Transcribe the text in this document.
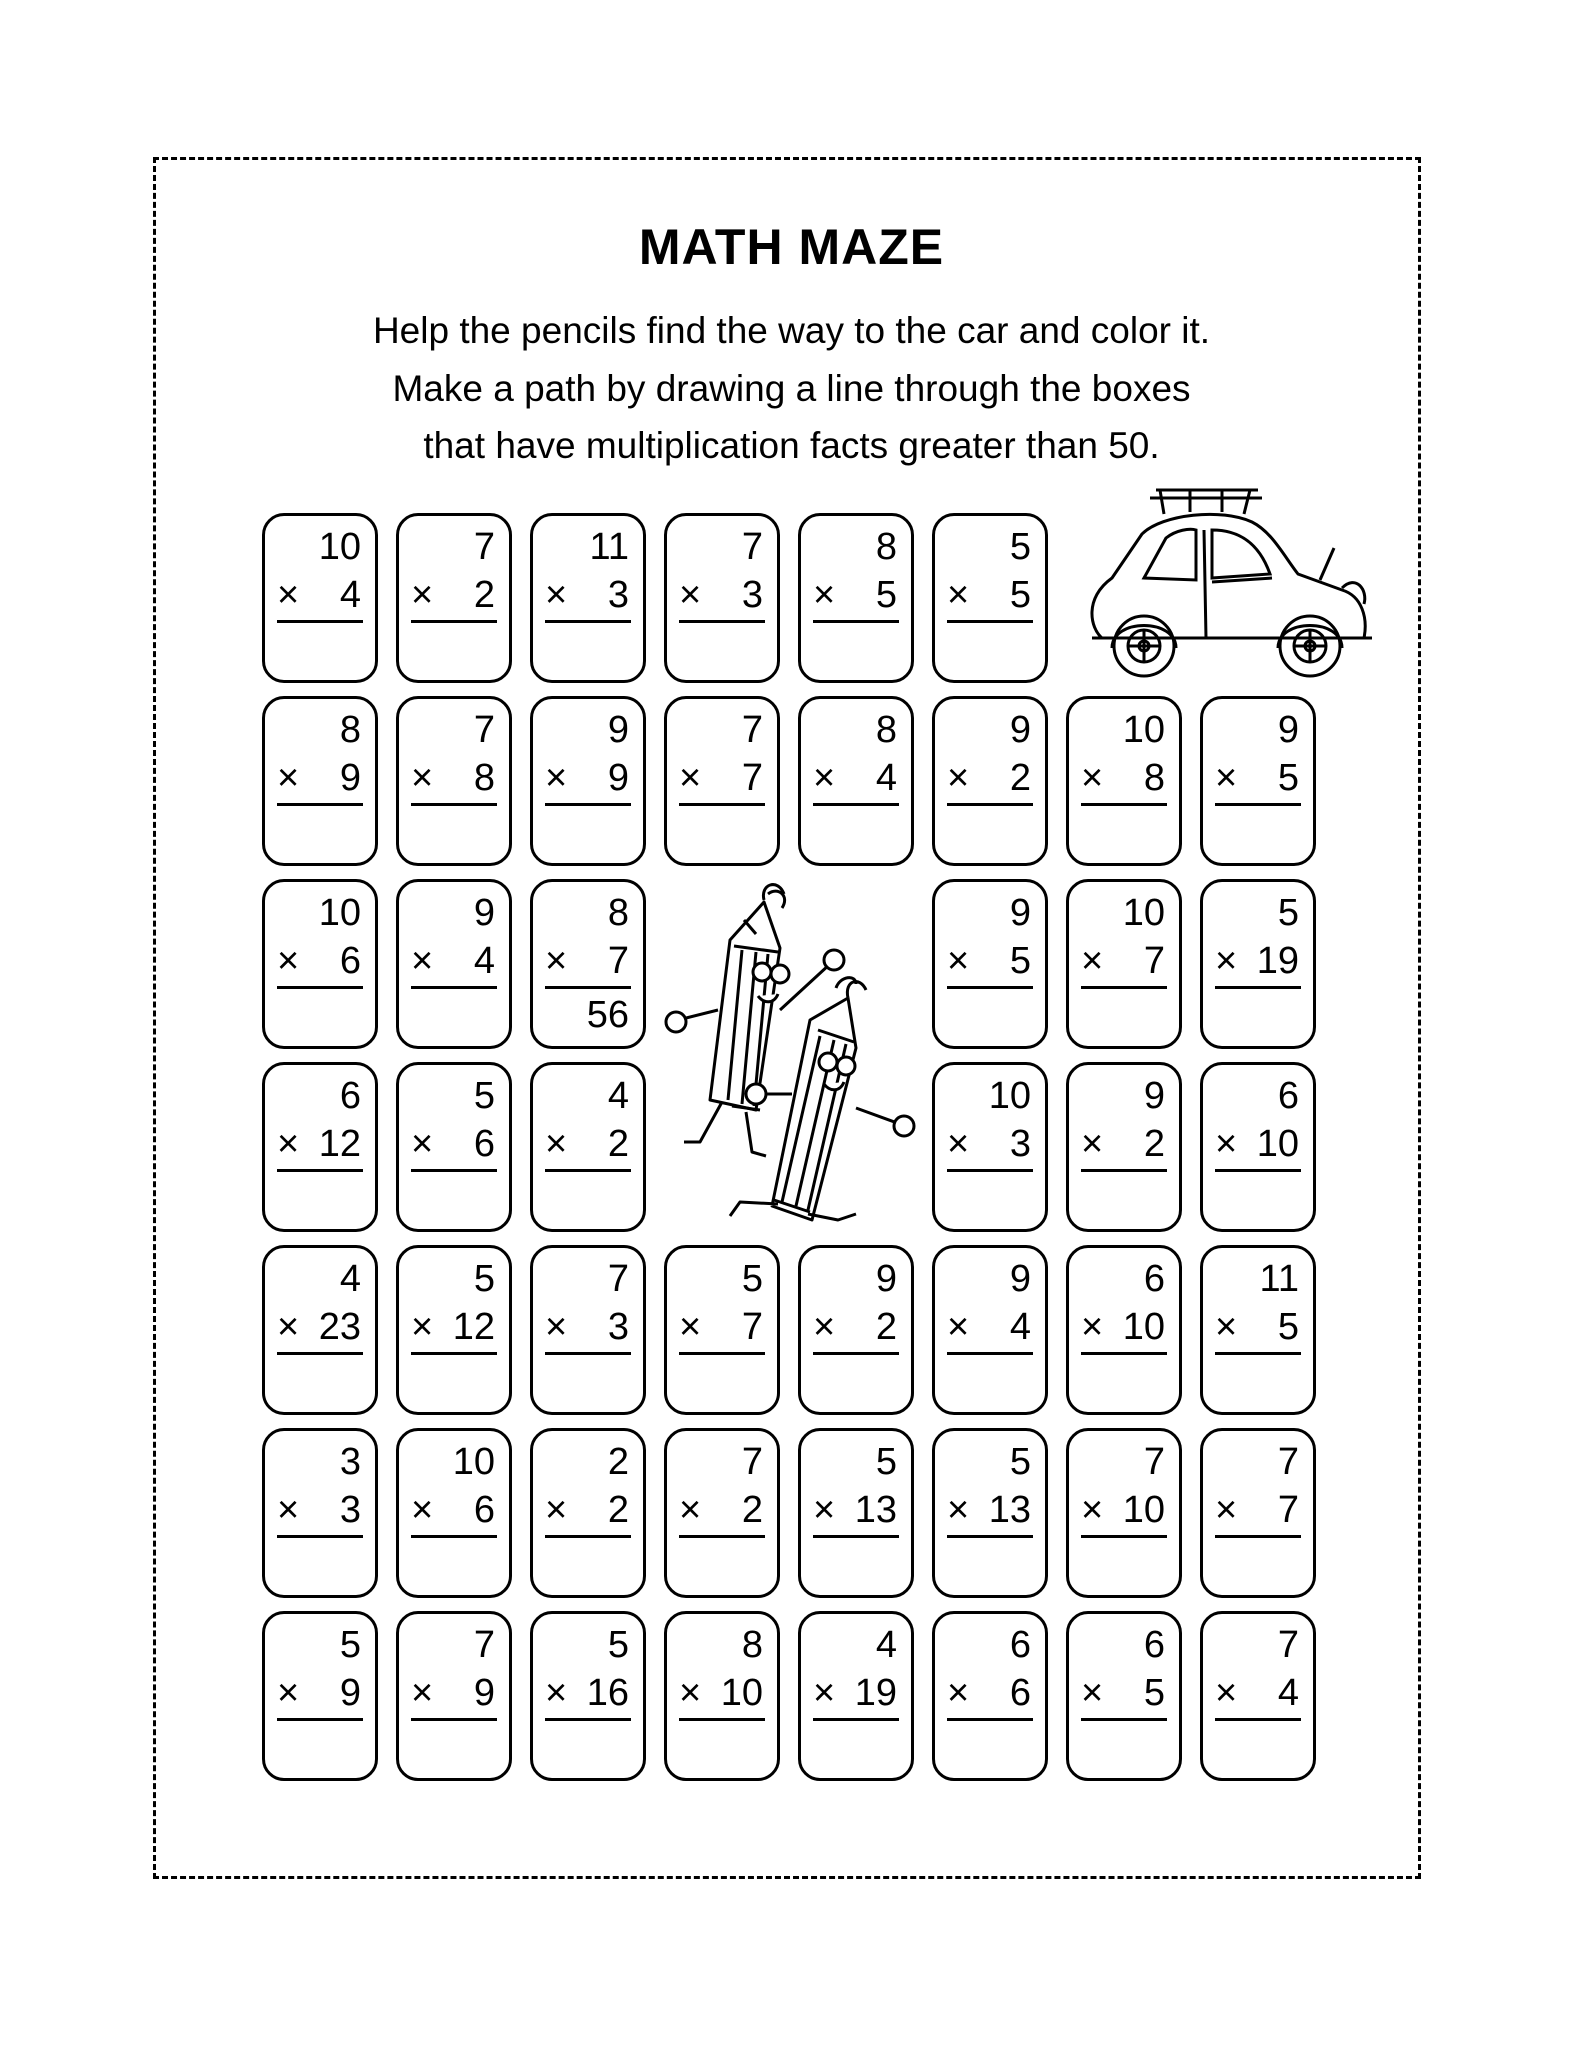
MATH MAZE
Help the pencils find the way to the car and color it.
Make a path by drawing a line through the boxes
that have multiplication facts greater than 50.
10
× 4
7
× 2
11
× 3
7
× 3
8
× 5
5
× 5
8
× 9
7
× 8
9
× 9
7
× 7
8
× 4
9
× 2
10
× 8
9
× 5
10
× 6
9
× 4
8
× 7
56
9
× 5
10
× 7
5
× 19
6
× 12
5
× 6
4
× 2
10
× 3
9
× 2
6
× 10
4
× 23
5
× 12
7
× 3
5
× 7
9
× 2
9
× 4
6
× 10
11
× 5
3
× 3
10
× 6
2
× 2
7
× 2
5
× 13
5
× 13
7
× 10
7
× 7
5
× 9
7
× 9
5
× 16
8
× 10
4
× 19
6
× 6
6
× 5
7
× 4
